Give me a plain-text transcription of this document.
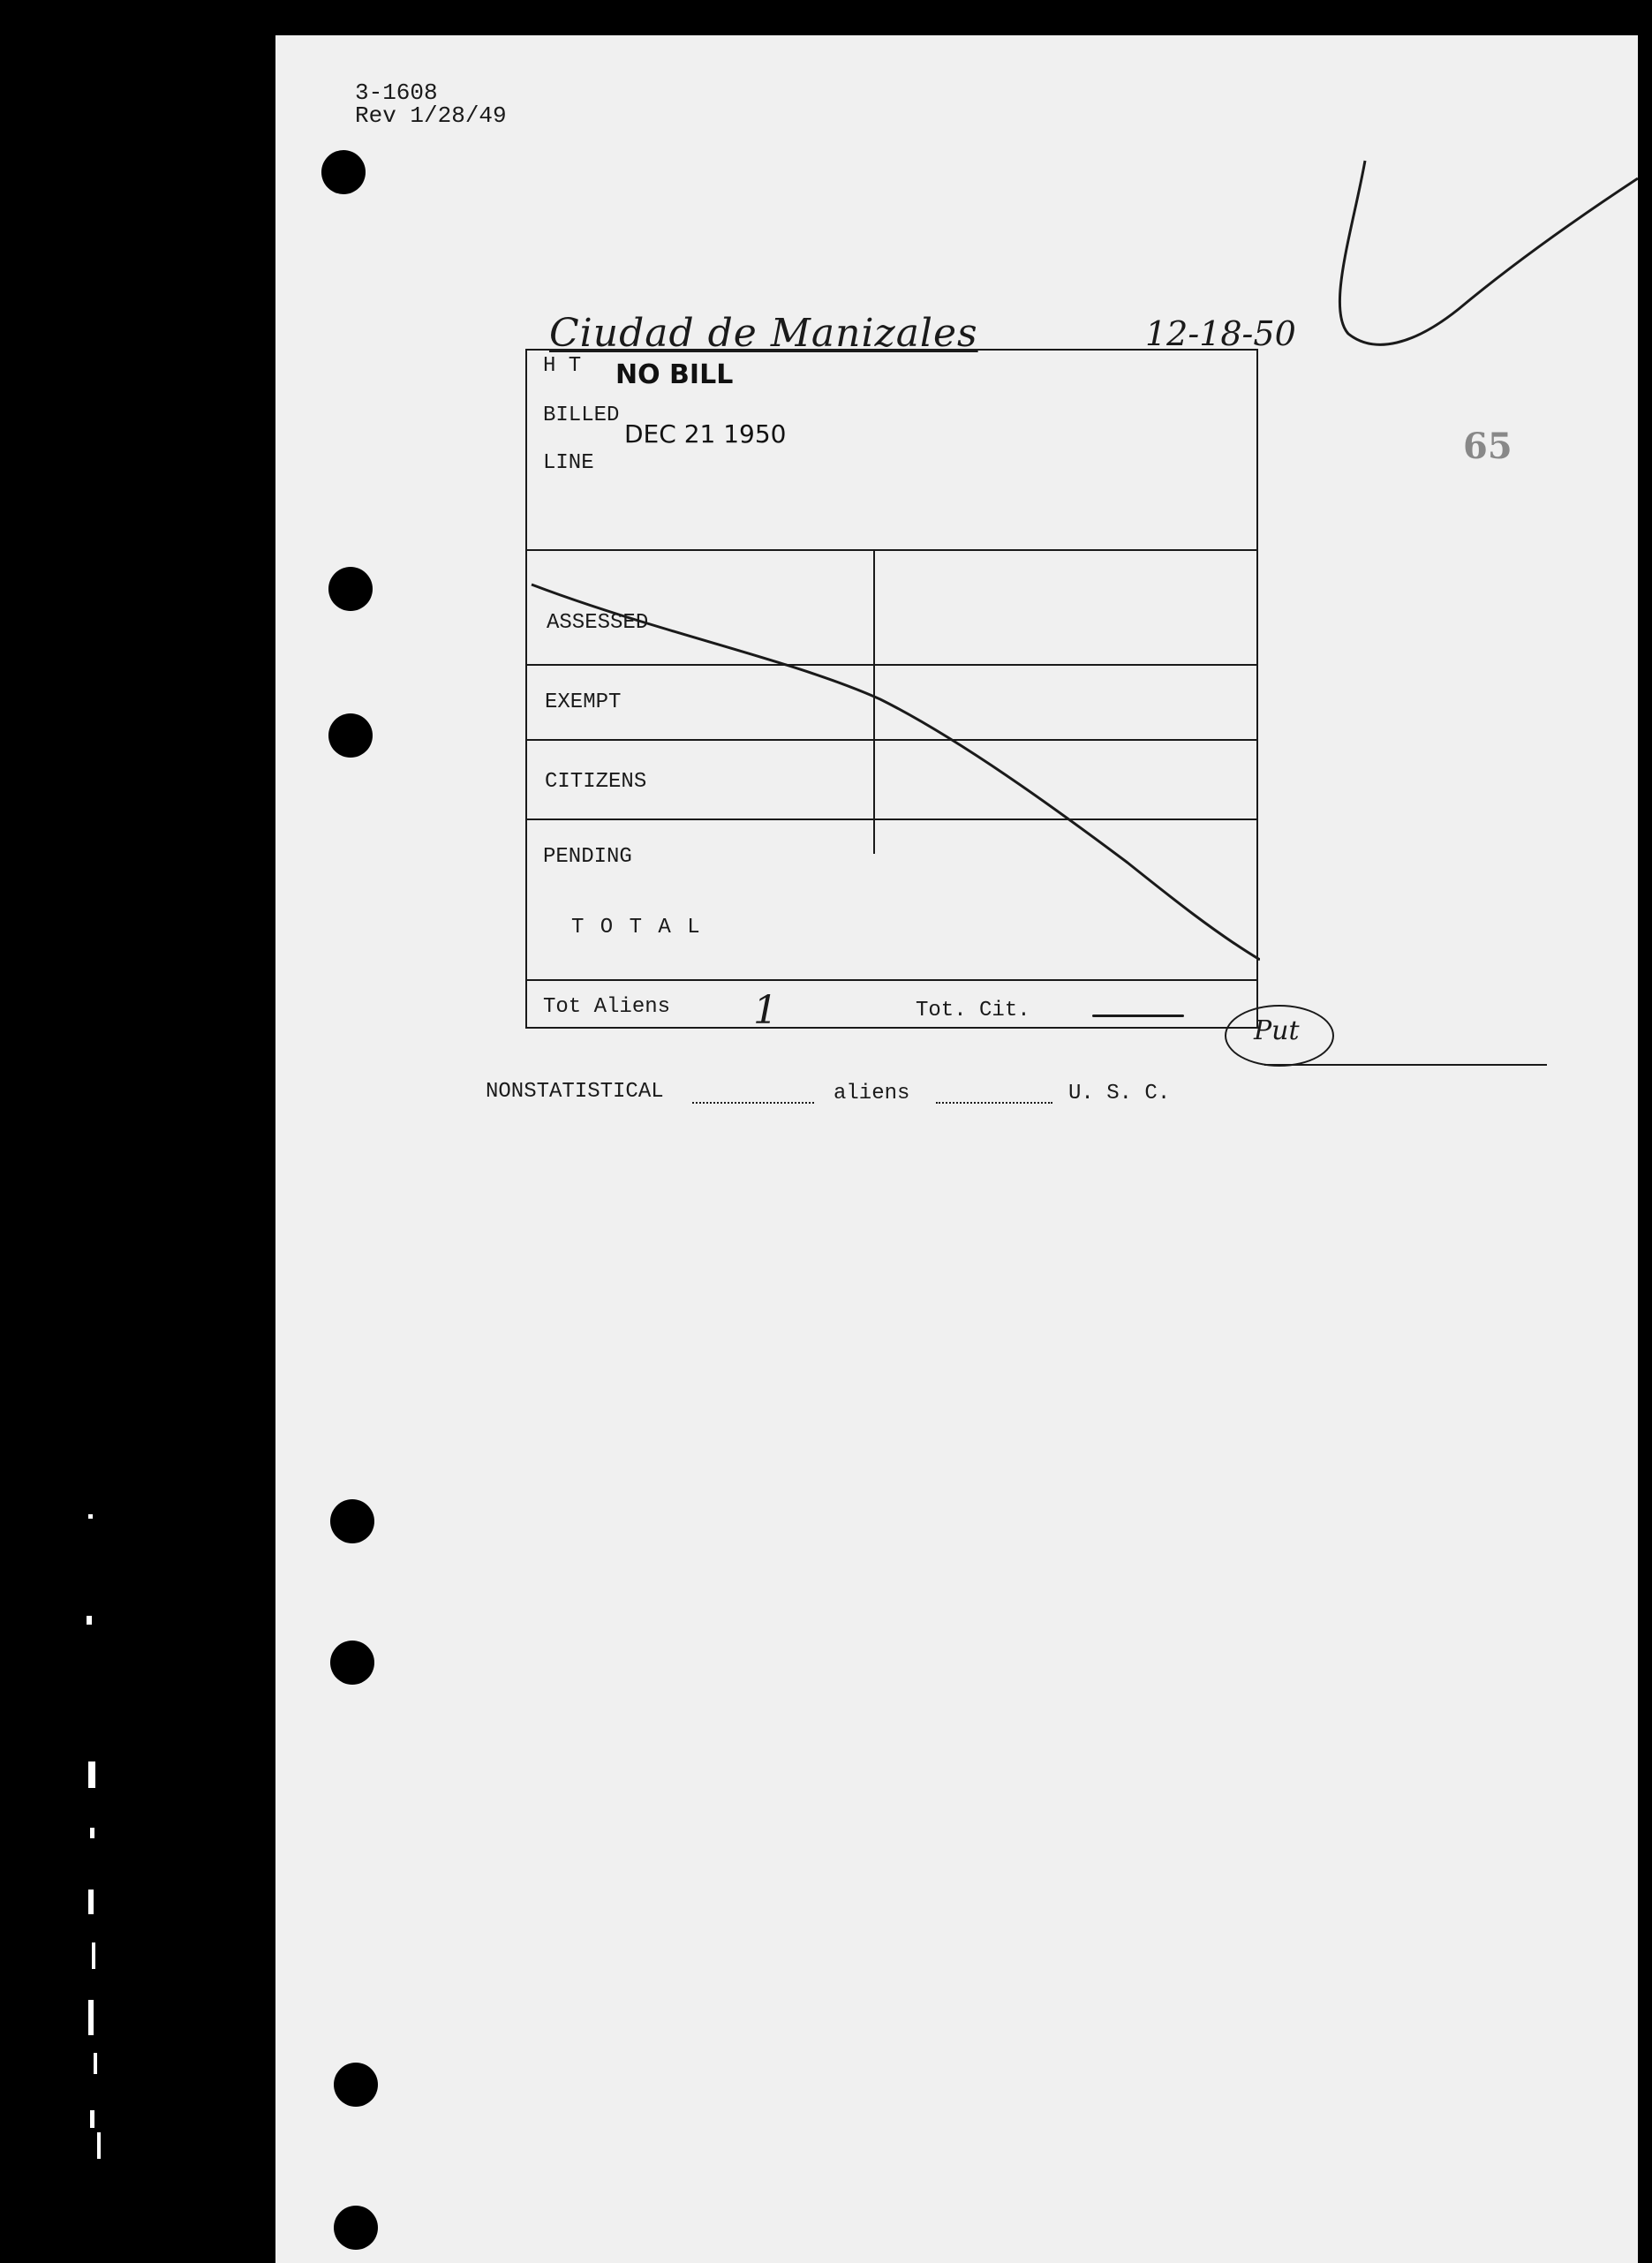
3-1608
Rev 1/28/49
Ciudad de Manizales	12-18-50
65
H T NO BILL
BILLED
DEC 21 1950
LINE
ASSESSED
EXEMPT
CITIZENS
PENDING
T O T A L
Tot Aliens 1	Tot. Cit.
Put
NONSTATISTICAL	aliens	U. S. C.
